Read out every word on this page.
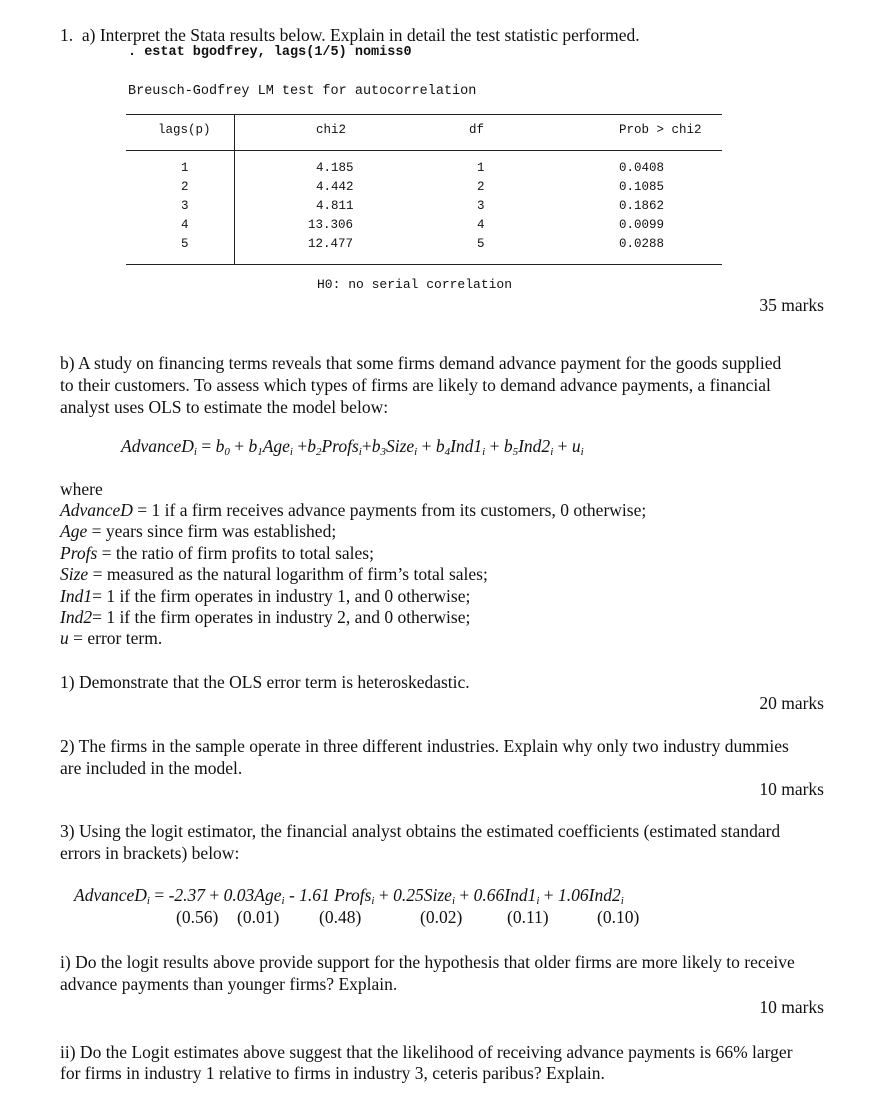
1. a) Interpret the Stata results below. Explain in detail the test statistic performed.
. estat bgodfrey, lags(1/5) nomiss0
Breusch-Godfrey LM test for autocorrelation
lags(p)	chi2	df	Prob > chi2
1	4.185	1	0.0408
2	4.442	2	0.1085
3	4.811	3	0.1862
4	13.306	4	0.0099
5	12.477	5	0.0288
H0: no serial correlation
35 marks
b) A study on financing terms reveals that some firms demand advance payment for the goods supplied
to their customers. To assess which types of firms are likely to demand advance payments, a financial
analyst uses OLS to estimate the model below:
AdvanceD$_i$ = $b_0 + b_1Age_i$ $+b_2Profs_i+b_3Size_i + b_4Ind1_i + b_5Ind2_i + u_i$
where
AdvanceD = 1 if a firm receives advance payments from its customers, 0 otherwise;
Age = years since firm was established;
Profs = the ratio of firm profits to total sales;
Size = measured as the natural logarithm of firm’s total sales;
Ind1= 1 if the firm operates in industry 1, and 0 otherwise;
Ind2= 1 if the firm operates in industry 2, and 0 otherwise;
u = error term.
1) Demonstrate that the OLS error term is heteroskedastic.
20 marks
2) The firms in the sample operate in three different industries. Explain why only two industry dummies
are included in the model.
10 marks
3) Using the logit estimator, the financial analyst obtains the estimated coefficients (estimated standard
errors in brackets) below:
AdvanceD$_i$ = -2.37 + 0.03Age$_i$ - 1.61 Profs$_i$ + 0.25Size$_i$ + $0.66Ind1_i + 1.06Ind2_i$
(0.56) (0.01) (0.48)	(0.02)	(0.11)	(0.10)
i) Do the logit results above provide support for the hypothesis that older firms are more likely to receive
advance payments than younger firms? Explain.
10 marks
ii) Do the Logit estimates above suggest that the likelihood of receiving advance payments is 66% larger
for firms in industry 1 relative to firms in industry 3, ceteris paribus? Explain.
